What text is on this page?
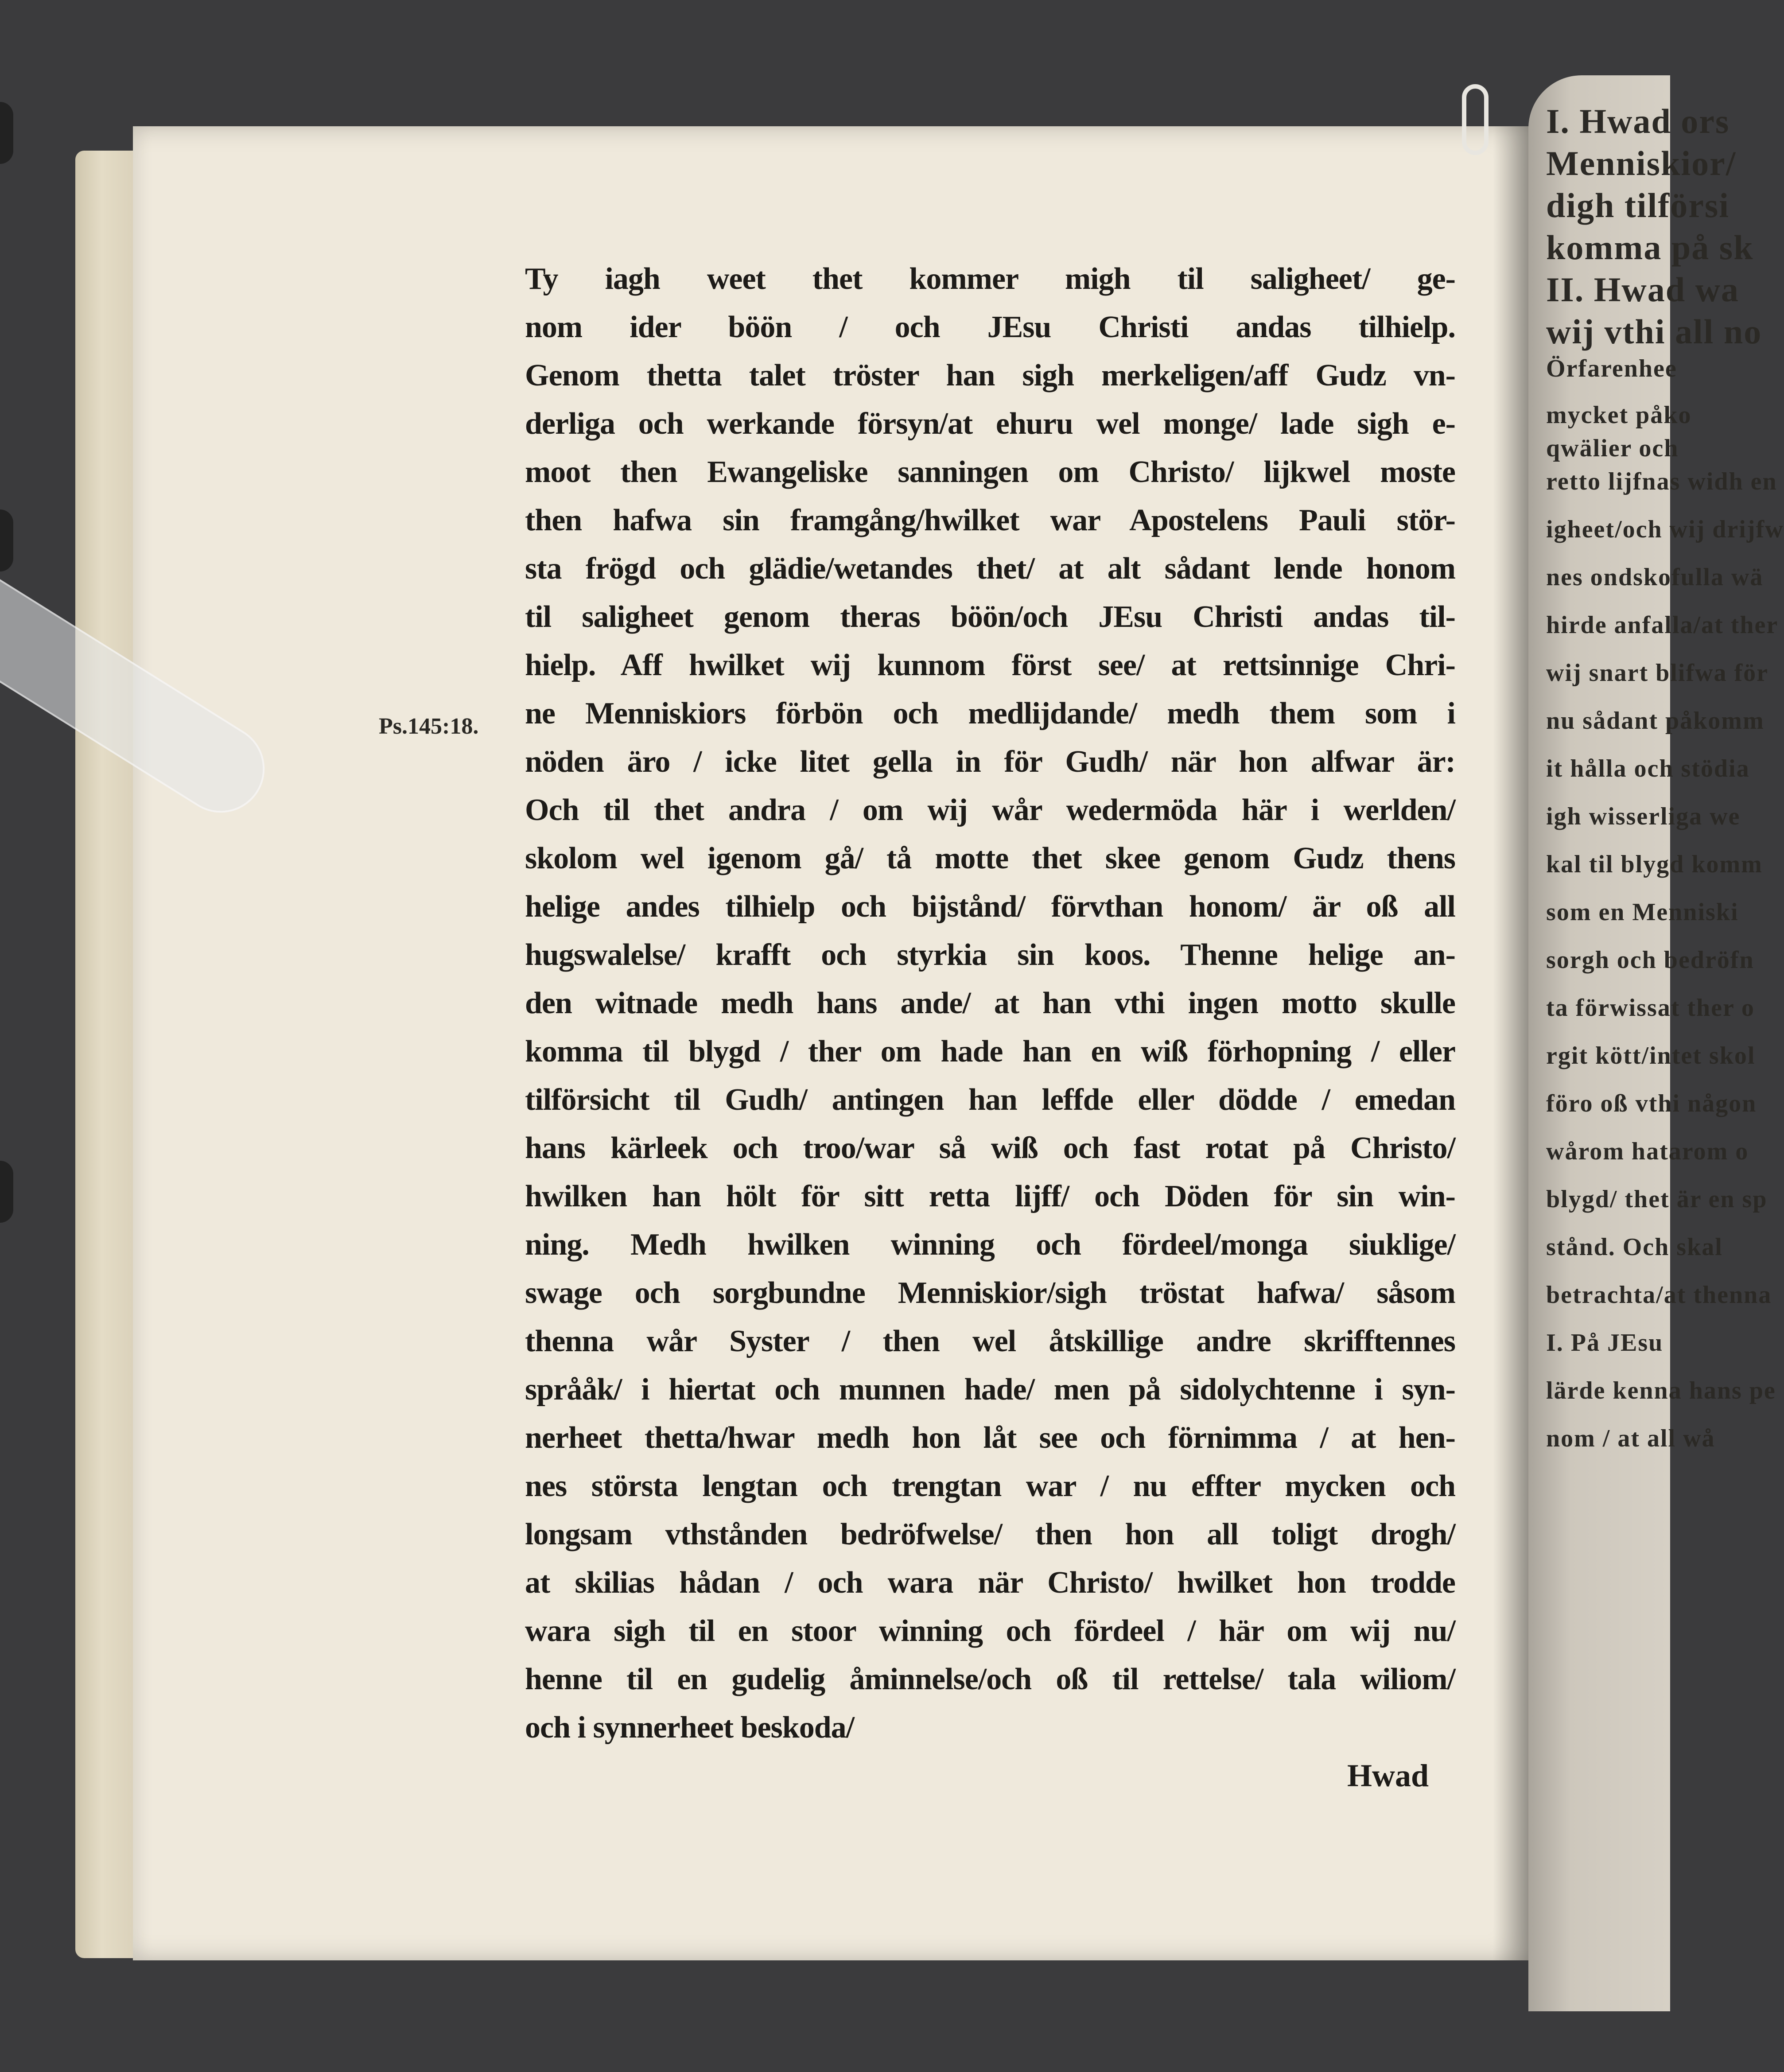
I. Hwad ors
Menniskior/
digh tilförsi
komma på sk
II. Hwad wa
wij vthi all no
Örfarenhee
mycket påko
qwälier och
retto lijfnas widh en
igheet/och wij drijfw
nes ondskofulla wä
hirde anfalla/at ther
wij snart blifwa för
nu sådant påkomm
it hålla och stödia
igh wisserliga we
kal til blygd komm
som en Menniski
sorgh och bedröfn
ta förwissat ther o
rgit kött/intet skol
föro oß vthi någon
wårom hatarom o
blygd/ thet är en sp
stånd. Och skal
betrachta/at thenna
I. På JEsu
lärde kenna hans pe
nom / at all wå
Ps.145:18.
Ty iagh weet thet kommer migh til saligheet/ ge-
nom ider böön / och JEsu Christi andas tilhielp.
Genom thetta talet tröster han sigh merkeligen/aff Gudz vn-
derliga och werkande försyn/at ehuru wel monge/ lade sigh e-
moot then Ewangeliske sanningen om Christo/ lijkwel moste
then hafwa sin framgång/hwilket war Apostelens Pauli stör-
sta frögd och glädie/wetandes thet/ at alt sådant lende honom
til saligheet genom theras böön/och JEsu Christi andas til-
hielp. Aff hwilket wij kunnom först see/ at rettsinnige Chri-
ne Menniskiors förbön och medlijdande/ medh them som i
nöden äro / icke litet gella in för Gudh/ när hon alfwar är:
Och til thet andra / om wij wår wedermöda här i werlden/
skolom wel igenom gå/ tå motte thet skee genom Gudz thens
helige andes tilhielp och bijstånd/ förvthan honom/ är oß all
hugswalelse/ krafft och styrkia sin koos. Thenne helige an-
den witnade medh hans ande/ at han vthi ingen motto skulle
komma til blygd / ther om hade han en wiß förhopning / eller
tilförsicht til Gudh/ antingen han leffde eller dödde / emedan
hans kärleek och troo/war så wiß och fast rotat på Christo/
hwilken han hölt för sitt retta lijff/ och Döden för sin win-
ning. Medh hwilken winning och fördeel/monga siuklige/
swage och sorgbundne Menniskior/sigh tröstat hafwa/ såsom
thenna wår Syster / then wel åtskillige andre skrifftennes
språåk/ i hiertat och munnen hade/ men på sidolychtenne i syn-
nerheet thetta/hwar medh hon låt see och förnimma / at hen-
nes största lengtan och trengtan war / nu effter mycken och
longsam vthstånden bedröfwelse/ then hon all toligt drogh/
at skilias hådan / och wara när Christo/ hwilket hon trodde
wara sigh til en stoor winning och fördeel / här om wij nu/
henne til en gudelig åminnelse/och oß til rettelse/ tala wiliom/
och i synnerheet beskoda/
Hwad
